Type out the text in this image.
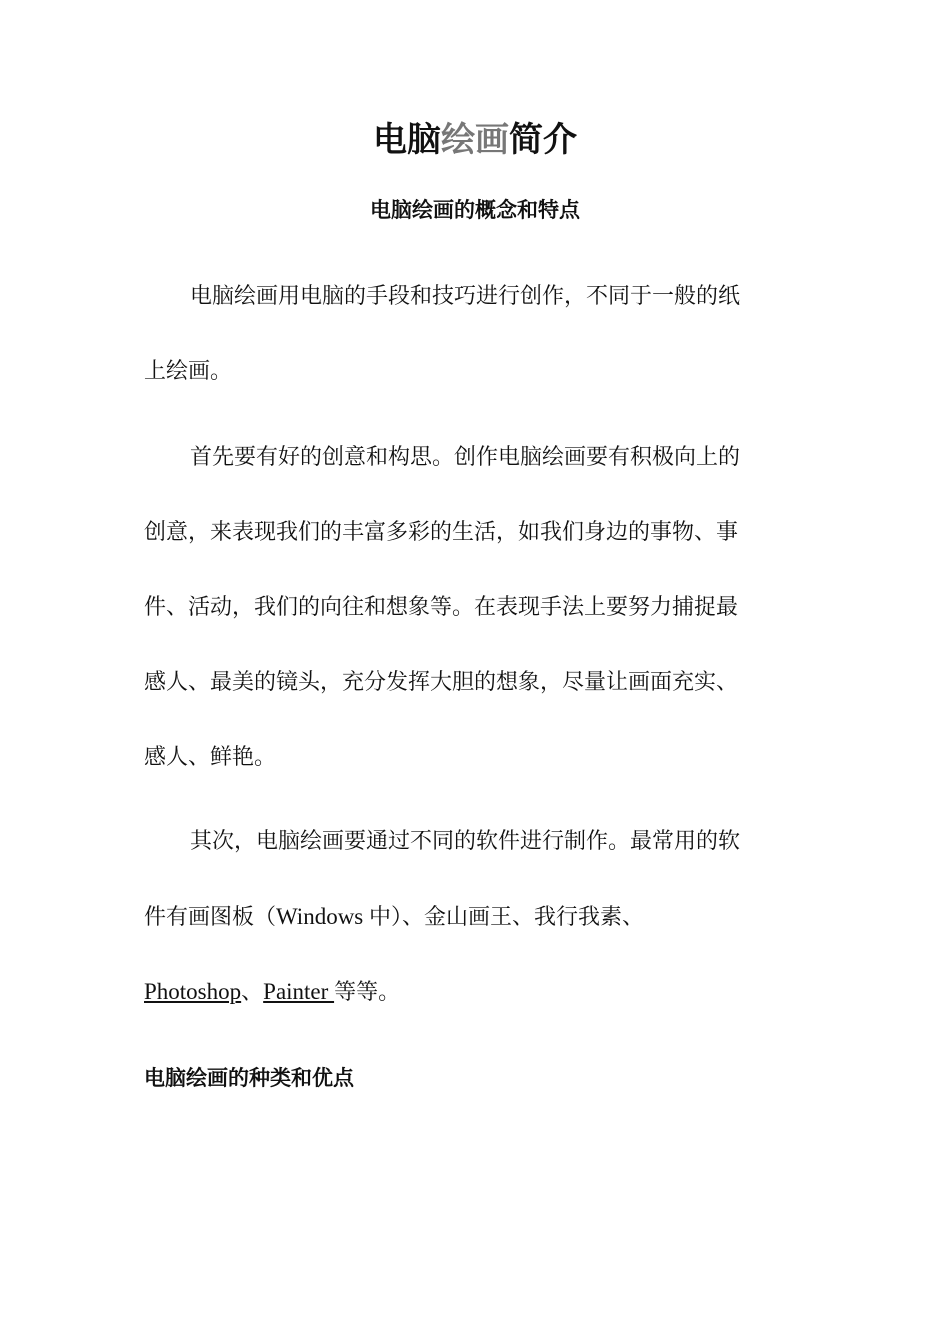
电脑绘画简介
电脑绘画的概念和特点
电脑绘画用电脑的手段和技巧进行创作，不同于一般的纸
上绘画。
首先要有好的创意和构思。创作电脑绘画要有积极向上的
创意，来表现我们的丰富多彩的生活，如我们身边的事物、事
件、活动，我们的向往和想象等。在表现手法上要努力捕捉最
感人、最美的镜头，充分发挥大胆的想象，尽量让画面充实、
感人、鲜艳。
其次，电脑绘画要通过不同的软件进行制作。最常用的软
件有画图板（Windows 中）、金山画王、我行我素、
Photoshop、Painter 等等。
电脑绘画的种类和优点
